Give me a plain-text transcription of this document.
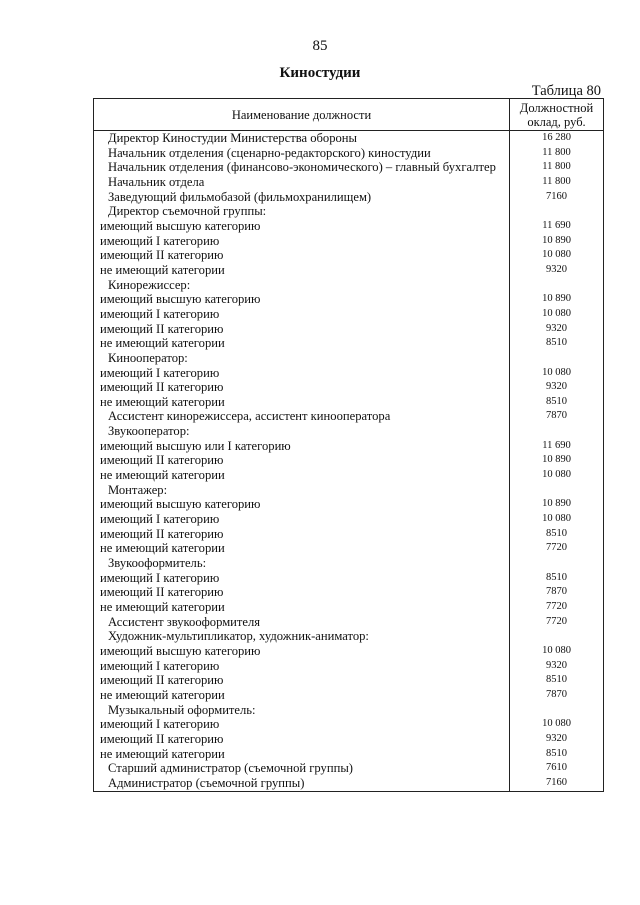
85
Киностудии
Таблица 80
Наименование должности	Должностной
оклад, руб.

Директор Киностудии Министерства обороны	16 280
Начальник отделения (сценарно-редакторского) киностудии	11 800
Начальник отделения (финансово-экономического) – главный бухгалтер	11 800
Начальник отдела	11 800
Заведующий фильмобазой (фильмохранилищем)	7160
Директор съемочной группы:	
имеющий высшую категорию	11 690
имеющий I категорию	10 890
имеющий II категорию	10 080
не имеющий категории	9320
Кинорежиссер:	
имеющий высшую категорию	10 890
имеющий I категорию	10 080
имеющий II категорию	9320
не имеющий категории	8510
Кинооператор:	
имеющий I категорию	10 080
имеющий II категорию	9320
не имеющий категории	8510
Ассистент кинорежиссера, ассистент кинооператора	7870
Звукооператор:	
имеющий высшую или I категорию	11 690
имеющий II категорию	10 890
не имеющий категории	10 080
Монтажер:	
имеющий высшую категорию	10 890
имеющий I категорию	10 080
имеющий II категорию	8510
не имеющий категории	7720
Звукооформитель:	
имеющий I категорию	8510
имеющий II категорию	7870
не имеющий категории	7720
Ассистент звукооформителя	7720
Художник-мультипликатор, художник-аниматор:	
имеющий высшую категорию	10 080
имеющий I категорию	9320
имеющий II категорию	8510
не имеющий категории	7870
Музыкальный оформитель:	
имеющий I категорию	10 080
имеющий II категорию	9320
не имеющий категории	8510
Старший администратор (съемочной группы)	7610
Администратор (съемочной группы)	7160
